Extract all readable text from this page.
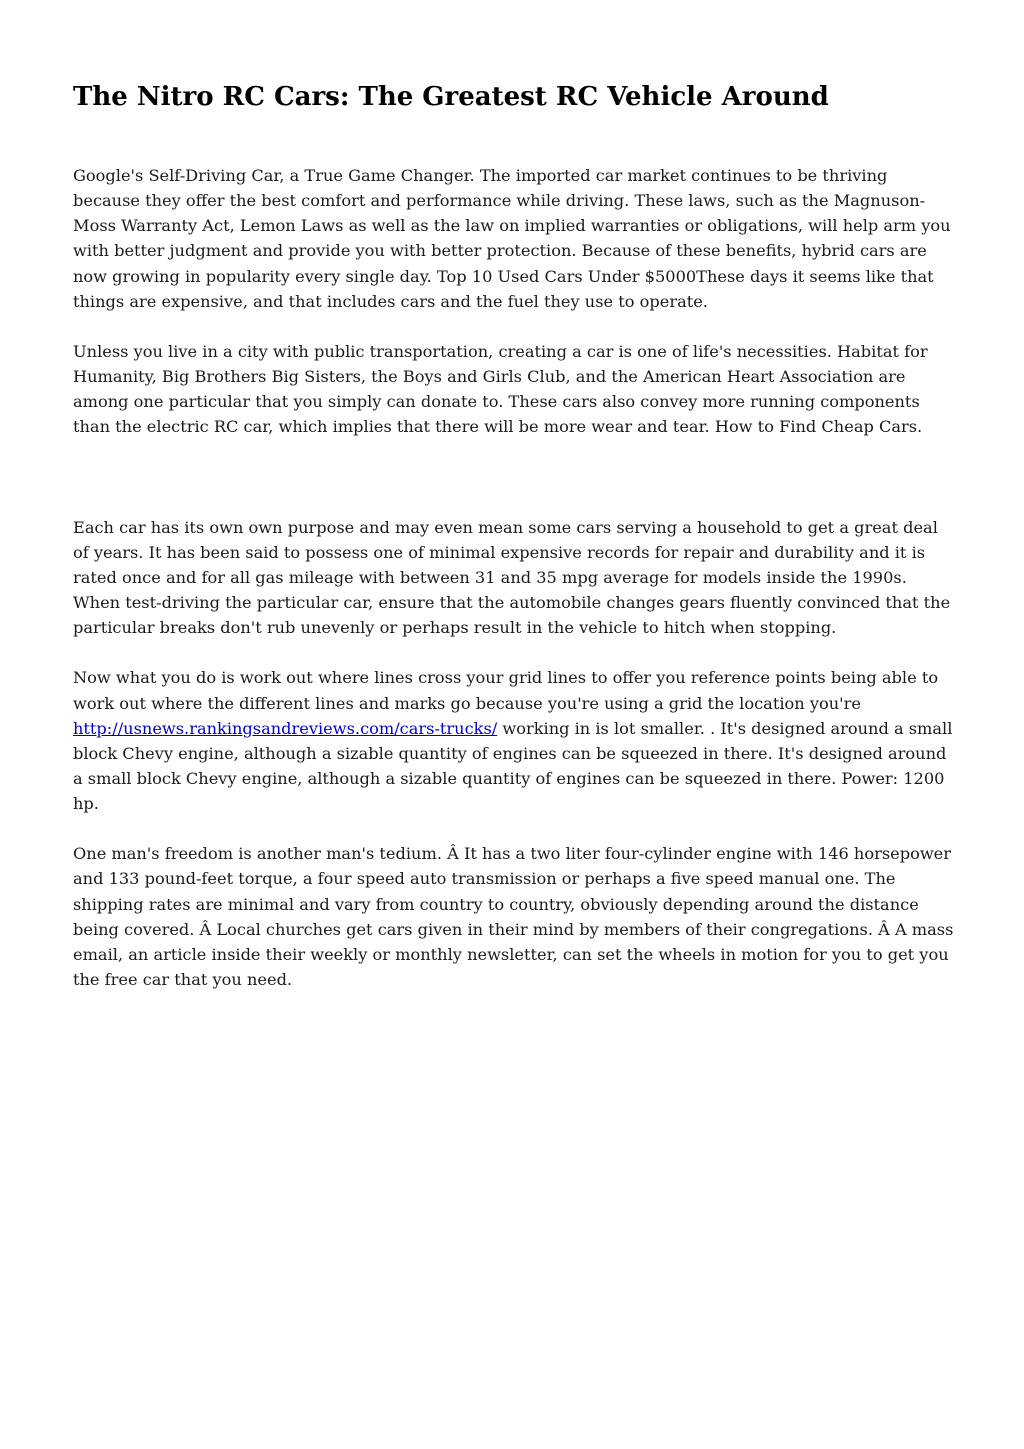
The Nitro RC Cars: The Greatest RC Vehicle Around

Google's Self-Driving Car, a True Game Changer. The imported car market continues to be thriving because they offer the best comfort and performance while driving. These laws, such as the Magnuson-Moss Warranty Act, Lemon Laws as well as the law on implied warranties or obligations, will help arm you with better judgment and provide you with better protection. Because of these benefits, hybrid cars are now growing in popularity every single day. Top 10 Used Cars Under $5000These days it seems like that things are expensive, and that includes cars and the fuel they use to operate.

Unless you live in a city with public transportation, creating a car is one of life's necessities. Habitat for Humanity, Big Brothers Big Sisters, the Boys and Girls Club, and the American Heart Association are among one particular that you simply can donate to. These cars also convey more running components than the electric RC car, which implies that there will be more wear and tear. How to Find Cheap Cars.

Each car has its own own purpose and may even mean some cars serving a household to get a great deal of years. It has been said to possess one of minimal expensive records for repair and durability and it is rated once and for all gas mileage with between 31 and 35 mpg average for models inside the 1990s. When test-driving the particular car, ensure that the automobile changes gears fluently convinced that the particular breaks don't rub unevenly or perhaps result in the vehicle to hitch when stopping.

Now what you do is work out where lines cross your grid lines to offer you reference points being able to work out where the different lines and marks go because you're using a grid the location you're http://usnews.rankingsandreviews.com/cars-trucks/ working in is lot smaller. . It's designed around a small block Chevy engine, although a sizable quantity of engines can be squeezed in there. It's designed around a small block Chevy engine, although a sizable quantity of engines can be squeezed in there. Power: 1200 hp.

One man's freedom is another man's tedium. Â It has a two liter four-cylinder engine with 146 horsepower and 133 pound-feet torque, a four speed auto transmission or perhaps a five speed manual one. The shipping rates are minimal and vary from country to country, obviously depending around the distance being covered. Â Local churches get cars given in their mind by members of their congregations. Â A mass email, an article inside their weekly or monthly newsletter, can set the wheels in motion for you to get you the free car that you need.
